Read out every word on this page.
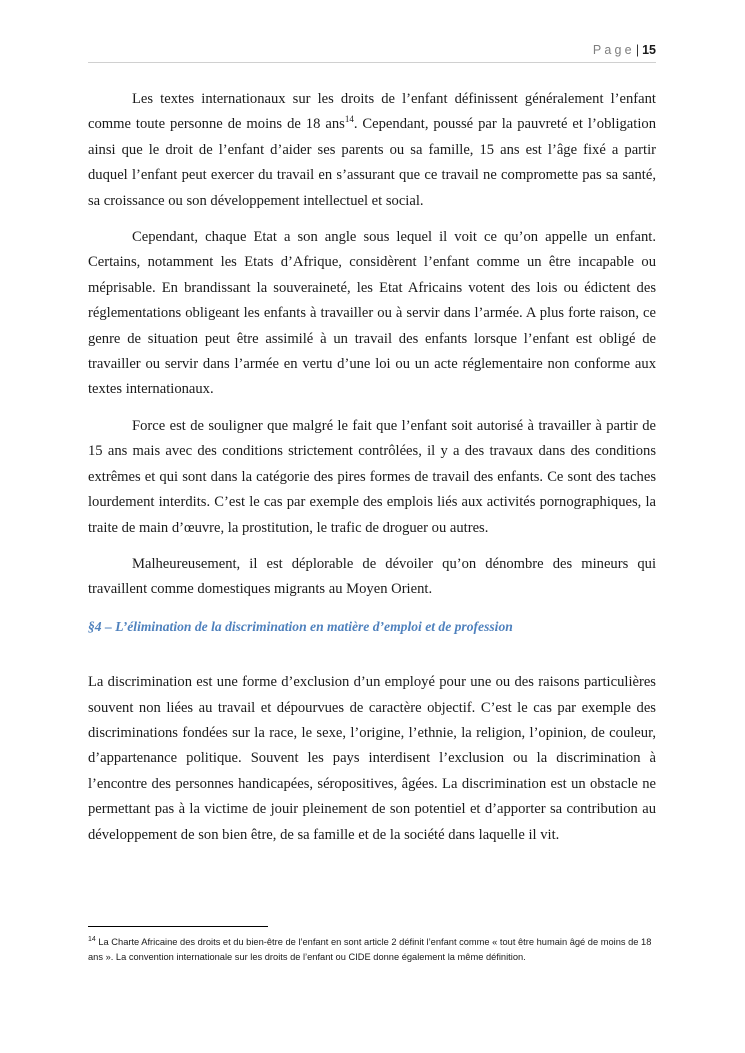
Page| 15

Les textes internationaux sur les droits de l’enfant définissent généralement l’enfant comme toute personne de moins de 18 ans$^{14}$. Cependant, poussé par la pauvreté et l’obligation ainsi que le droit de l’enfant d’aider ses parents ou sa famille, 15 ans est l’âge fixé a partir duquel l’enfant peut exercer du travail en s’assurant que ce travail ne compromette pas sa santé, sa croissance ou son développement intellectuel et social.

Cependant, chaque Etat a son angle sous lequel il voit ce qu’on appelle un enfant. Certains, notamment les Etats d’Afrique, considèrent l’enfant comme un être incapable ou méprisable. En brandissant la souveraineté, les Etat Africains votent des lois ou édictent des réglementations obligeant les enfants à travailler ou à servir dans l’armée. A plus forte raison, ce genre de situation peut être assimilé à un travail des enfants lorsque l’enfant est obligé de travailler ou servir dans l’armée en vertu d’une loi ou un acte réglementaire non conforme aux textes internationaux.

Force est de souligner que malgré le fait que l’enfant soit autorisé à travailler à partir de 15 ans mais avec des conditions strictement contrôlées, il y a des travaux dans des conditions extrêmes et qui sont dans la catégorie des pires formes de travail des enfants. Ce sont des taches lourdement interdits. C’est le cas par exemple des emplois liés aux activités pornographiques, la traite de main d’œuvre, la prostitution, le trafic de droguer ou autres.

Malheureusement, il est déplorable de dévoiler qu’on dénombre des mineurs qui travaillent comme domestiques migrants au Moyen Orient.

§4 – L’élimination de la discrimination en matière d’emploi et de profession

La discrimination est une forme d’exclusion d’un employé pour une ou des raisons particulières souvent non liées au travail et dépourvues de caractère objectif. C’est le cas par exemple des discriminations fondées sur la race, le sexe, l’origine, l’ethnie, la religion, l’opinion, de couleur, d’appartenance politique. Souvent les pays interdisent l’exclusion ou la discrimination à l’encontre des personnes handicapées, séropositives, âgées. La discrimination est un obstacle ne permettant pas à la victime de jouir pleinement de son potentiel et d’apporter sa contribution au développement de son bien être, de sa famille et de la société dans laquelle il vit.

$^{14}$ La Charte Africaine des droits et du bien-être de l’enfant en sont article 2 définit l’enfant comme « tout être humain âgé de moins de 18 ans ». La convention internationale sur les droits de l’enfant ou CIDE donne également la même définition.
